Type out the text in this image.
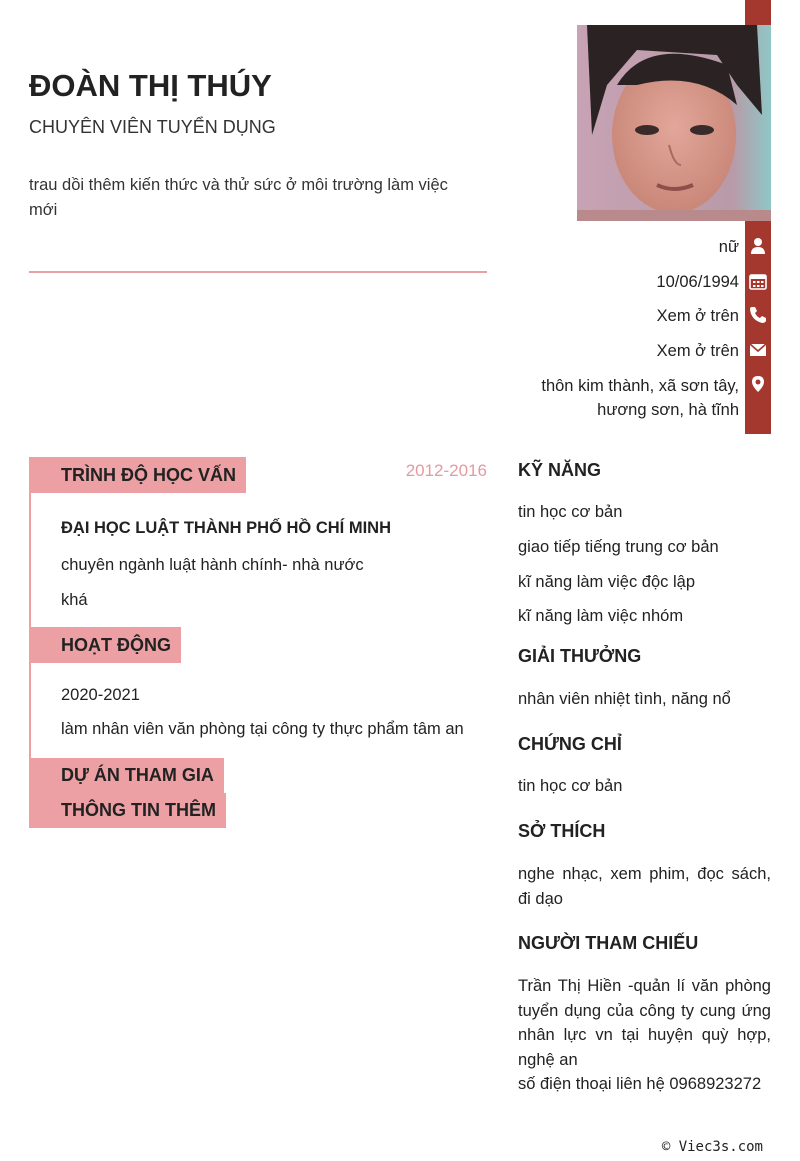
ĐOÀN THỊ THÚY
CHUYÊN VIÊN TUYỂN DỤNG
trau dồi thêm kiến thức và thử sức ở môi trường làm việc mới
nữ
10/06/1994
Xem ở trên
Xem ở trên
thôn kim thành, xã sơn tây,
hương sơn, hà tĩnh
TRÌNH ĐỘ HỌC VẤN	2012-2016
ĐẠI HỌC LUẬT THÀNH PHỐ HỒ CHÍ MINH
chuyên ngành luật hành chính- nhà nước
khá
HOẠT ĐỘNG
2020-2021
làm nhân viên văn phòng tại công ty thực phẩm tâm an
DỰ ÁN THAM GIA
THÔNG TIN THÊM
KỸ NĂNG
tin học cơ bản
giao tiếp tiếng trung cơ bản
kĩ năng làm việc độc lập
kĩ năng làm việc nhóm
GIẢI THƯỞNG
nhân viên nhiệt tình, năng nổ
CHỨNG CHỈ
tin học cơ bản
SỞ THÍCH
nghe nhạc, xem phim, đọc sách, đi dạo
NGƯỜI THAM CHIẾU
Trần Thị Hiền -quản lí văn phòng tuyển dụng của công ty cung ứng nhân lực vn tại huyện quỳ hợp, nghệ an
số điện thoại liên hệ 0968923272
© Viec3s.com
